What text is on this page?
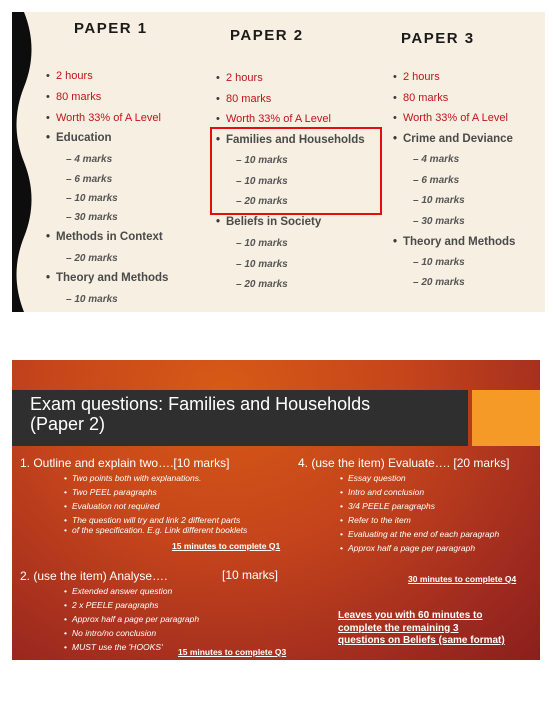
PAPER 1
• 2 hours
• 80 marks
• Worth 33% of A Level
• Education
– 4 marks
– 6 marks
– 10 marks
– 30 marks
• Methods in Context
– 20 marks
• Theory and Methods
– 10 marks
PAPER 2
• 2 hours
• 80 marks
• Worth 33% of A Level
• Families and Households
– 10 marks
– 10 marks
– 20 marks
• Beliefs in Society
– 10 marks
– 10 marks
– 20 marks
PAPER 3
• 2 hours
• 80 marks
• Worth 33% of A Level
• Crime and Deviance
– 4 marks
– 6 marks
– 10 marks
– 30 marks
• Theory and Methods
– 10 marks
– 20 marks
Exam questions: Families and Households
(Paper 2)
1. Outline and explain two….[10 marks]
• Two points both with explanations.
• Two PEEL paragraphs
• Evaluation not required
• The question will try and link 2 different parts
• of the specification. E.g. Link different booklets
15 minutes to complete Q1
2. (use the item) Analyse….	[10 marks]
• Extended answer question
• 2 x PEELE paragraphs
• Approx half a page per paragraph
• No intro/no conclusion
• MUST use the 'HOOKS' 15 minutes to complete Q3
4. (use the item) Evaluate…. [20 marks]
• Essay question
• Intro and conclusion
• 3/4 PEELE paragraphs
• Refer to the item
• Evaluating at the end of each paragraph
• Approx half a page per paragraph
30 minutes to complete Q4
Leaves you with 60 minutes to
complete the remaining 3
questions on Beliefs (same format)
